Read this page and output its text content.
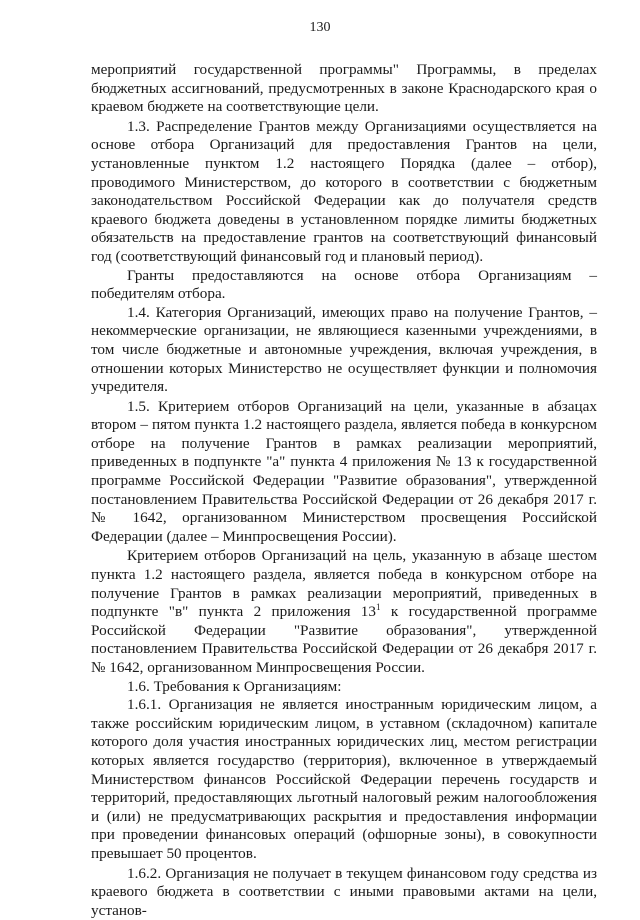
130

мероприятий государственной программы" Программы, в пределах бюджетных ассигнований, предусмотренных в законе Краснодарского края о краевом бюджете на соответствующие цели.

1.3. Распределение Грантов между Организациями осуществляется на основе отбора Организаций для предоставления Грантов на цели, установленные пунктом 1.2 настоящего Порядка (далее – отбор), проводимого Министерством, до которого в соответствии с бюджетным законодательством Российской Федерации как до получателя средств краевого бюджета доведены в установленном порядке лимиты бюджетных обязательств на предоставление грантов на соответствующий финансовый год (соответствующий финансовый год и плановый период).

Гранты предоставляются на основе отбора Организациям – победителям отбора.

1.4. Категория Организаций, имеющих право на получение Грантов, – некоммерческие организации, не являющиеся казенными учреждениями, в том числе бюджетные и автономные учреждения, включая учреждения, в отношении которых Министерство не осуществляет функции и полномочия учредителя.

1.5. Критерием отборов Организаций на цели, указанные в абзацах втором – пятом пункта 1.2 настоящего раздела, является победа в конкурсном отборе на получение Грантов в рамках реализации мероприятий, приведенных в подпункте "а" пункта 4 приложения № 13 к государственной программе Российской Федерации "Развитие образования", утвержденной постановлением Правительства Российской Федерации от 26 декабря 2017 г. № 1642, организованном Министерством просвещения Российской Федерации (далее – Минпросвещения России).

Критерием отборов Организаций на цель, указанную в абзаце шестом пункта 1.2 настоящего раздела, является победа в конкурсном отборе на получение Грантов в рамках реализации мероприятий, приведенных в подпункте "в" пункта 2 приложения $13^1$ к государственной программе Российской Федерации "Развитие образования", утвержденной постановлением Правительства Российской Федерации от 26 декабря 2017 г. № 1642, организованном Минпросвещения России.

1.6. Требования к Организациям:

1.6.1. Организация не является иностранным юридическим лицом, а также российским юридическим лицом, в уставном (складочном) капитале которого доля участия иностранных юридических лиц, местом регистрации которых является государство (территория), включенное в утверждаемый Министерством финансов Российской Федерации перечень государств и территорий, предоставляющих льготный налоговый режим налогообложения и (или) не предусматривающих раскрытия и предоставления информации при проведении финансовых операций (офшорные зоны), в совокупности превышает 50 процентов.

1.6.2. Организация не получает в текущем финансовом году средства из краевого бюджета в соответствии с иными правовыми актами на цели, установ-
